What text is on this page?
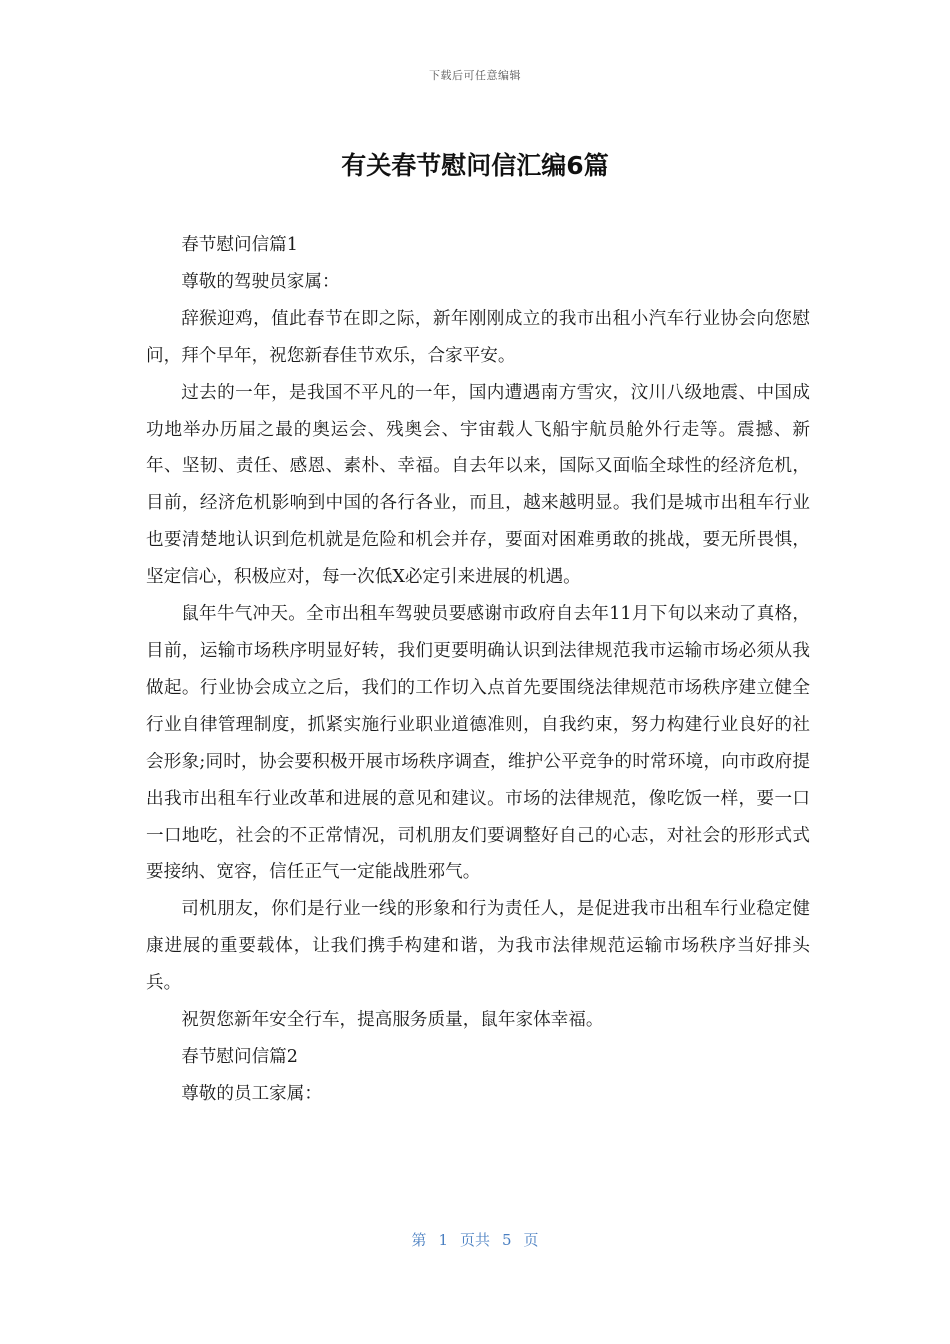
下载后可任意编辑
有关春节慰问信汇编6篇

春节慰问信篇1

尊敬的驾驶员家属：

辞猴迎鸡，值此春节在即之际，新年刚刚成立的我市出租小汽车行业协会向您慰问，拜个早年，祝您新春佳节欢乐，合家平安。

过去的一年，是我国不平凡的一年，国内遭遇南方雪灾，汶川八级地震、中国成功地举办历届之最的奥运会、残奥会、宇宙载人飞船宇航员舱外行走等。震撼、新年、坚韧、责任、感恩、素朴、幸福。自去年以来，国际又面临全球性的经济危机，目前，经济危机影响到中国的各行各业，而且，越来越明显。我们是城市出租车行业也要清楚地认识到危机就是危险和机会并存，要面对困难勇敢的挑战，要无所畏惧，坚定信心，积极应对，每一次低X必定引来进展的机遇。

鼠年牛气冲天。全市出租车驾驶员要感谢市政府自去年11月下旬以来动了真格，目前，运输市场秩序明显好转，我们更要明确认识到法律规范我市运输市场必须从我做起。行业协会成立之后，我们的工作切入点首先要围绕法律规范市场秩序建立健全行业自律管理制度，抓紧实施行业职业道德准则，自我约束，努力构建行业良好的社会形象;同时，协会要积极开展市场秩序调查，维护公平竞争的时常环境，向市政府提出我市出租车行业改革和进展的意见和建议。市场的法律规范，像吃饭一样，要一口一口地吃，社会的不正常情况，司机朋友们要调整好自己的心志，对社会的形形式式要接纳、宽容，信任正气一定能战胜邪气。

司机朋友，你们是行业一线的形象和行为责任人，是促进我市出租车行业稳定健康进展的重要载体，让我们携手构建和谐，为我市法律规范运输市场秩序当好排头兵。

祝贺您新年安全行车，提高服务质量，鼠年家体幸福。

春节慰问信篇2

尊敬的员工家属：

第 1 页共 5 页
